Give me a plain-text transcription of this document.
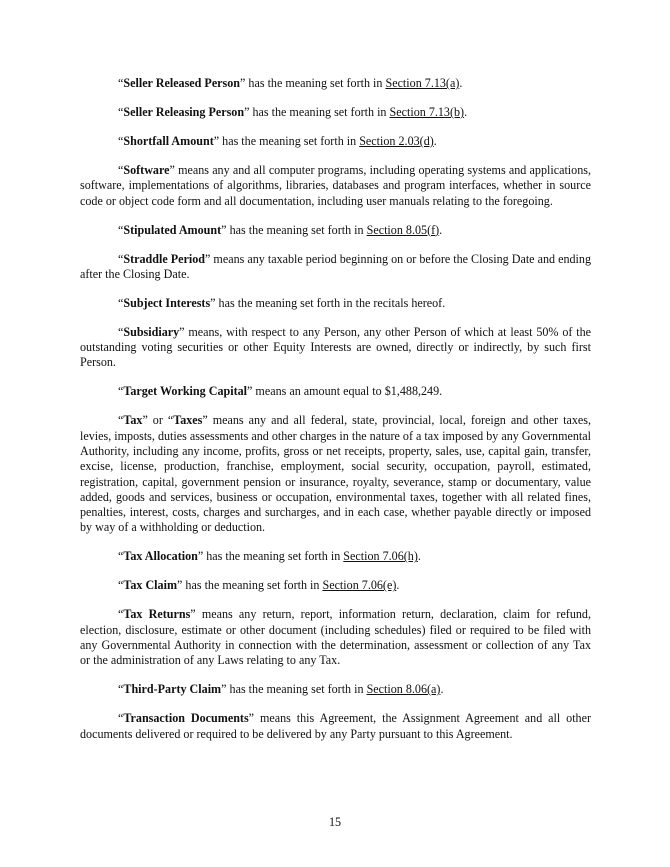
“Seller Released Person” has the meaning set forth in Section 7.13(a).

“Seller Releasing Person” has the meaning set forth in Section 7.13(b).

“Shortfall Amount” has the meaning set forth in Section 2.03(d).

“Software” means any and all computer programs, including operating systems and applications, software, implementations of algorithms, libraries, databases and program interfaces, whether in source code or object code form and all documentation, including user manuals relating to the foregoing.

“Stipulated Amount” has the meaning set forth in Section 8.05(f).

“Straddle Period” means any taxable period beginning on or before the Closing Date and ending after the Closing Date.

“Subject Interests” has the meaning set forth in the recitals hereof.

“Subsidiary” means, with respect to any Person, any other Person of which at least 50% of the outstanding voting securities or other Equity Interests are owned, directly or indirectly, by such first Person.

“Target Working Capital” means an amount equal to $1,488,249.

“Tax” or “Taxes” means any and all federal, state, provincial, local, foreign and other taxes, levies, imposts, duties assessments and other charges in the nature of a tax imposed by any Governmental Authority, including any income, profits, gross or net receipts, property, sales, use, capital gain, transfer, excise, license, production, franchise, employment, social security, occupation, payroll, estimated, registration, capital, government pension or insurance, royalty, severance, stamp or documentary, value added, goods and services, business or occupation, environmental taxes, together with all related fines, penalties, interest, costs, charges and surcharges, and in each case, whether payable directly or imposed by way of a withholding or deduction.

“Tax Allocation” has the meaning set forth in Section 7.06(h).

“Tax Claim” has the meaning set forth in Section 7.06(e).

“Tax Returns” means any return, report, information return, declaration, claim for refund, election, disclosure, estimate or other document (including schedules) filed or required to be filed with any Governmental Authority in connection with the determination, assessment or collection of any Tax or the administration of any Laws relating to any Tax.

“Third-Party Claim” has the meaning set forth in Section 8.06(a).

“Transaction Documents” means this Agreement, the Assignment Agreement and all other documents delivered or required to be delivered by any Party pursuant to this Agreement.

15
